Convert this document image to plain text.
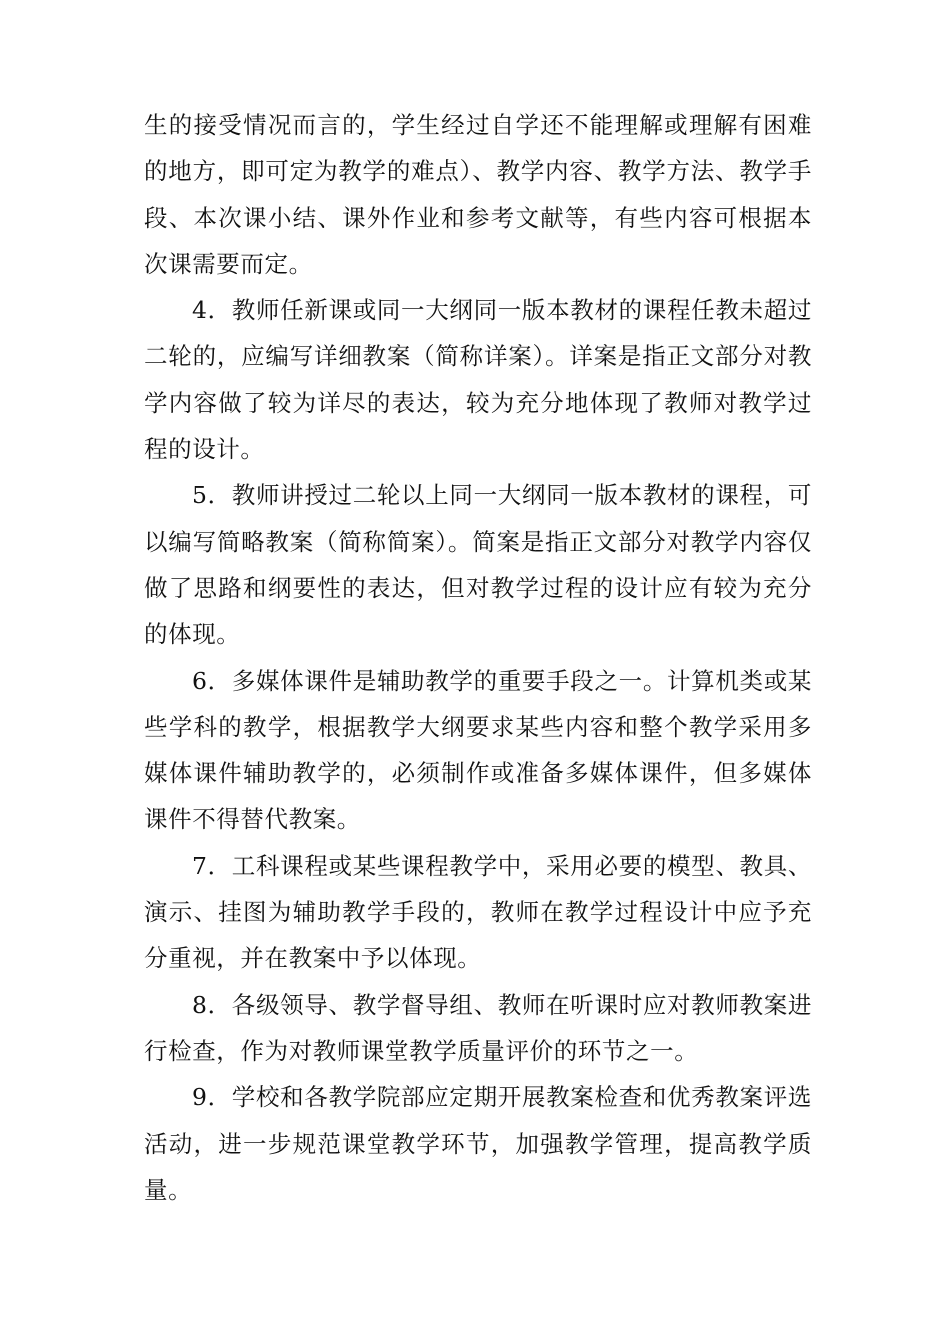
生的接受情况而言的，学生经过自学还不能理解或理解有困难的地方，即可定为教学的难点）、教学内容、教学方法、教学手段、本次课小结、课外作业和参考文献等，有些内容可根据本次课需要而定。

4．教师任新课或同一大纲同一版本教材的课程任教未超过二轮的，应编写详细教案（简称详案）。详案是指正文部分对教学内容做了较为详尽的表达，较为充分地体现了教师对教学过程的设计。

5．教师讲授过二轮以上同一大纲同一版本教材的课程，可以编写简略教案（简称简案）。简案是指正文部分对教学内容仅做了思路和纲要性的表达，但对教学过程的设计应有较为充分的体现。

6．多媒体课件是辅助教学的重要手段之一。计算机类或某些学科的教学，根据教学大纲要求某些内容和整个教学采用多媒体课件辅助教学的，必须制作或准备多媒体课件，但多媒体课件不得替代教案。

7．工科课程或某些课程教学中，采用必要的模型、教具、演示、挂图为辅助教学手段的，教师在教学过程设计中应予充分重视，并在教案中予以体现。

8．各级领导、教学督导组、教师在听课时应对教师教案进行检查，作为对教师课堂教学质量评价的环节之一。

9．学校和各教学院部应定期开展教案检查和优秀教案评选活动，进一步规范课堂教学环节，加强教学管理，提高教学质量。
